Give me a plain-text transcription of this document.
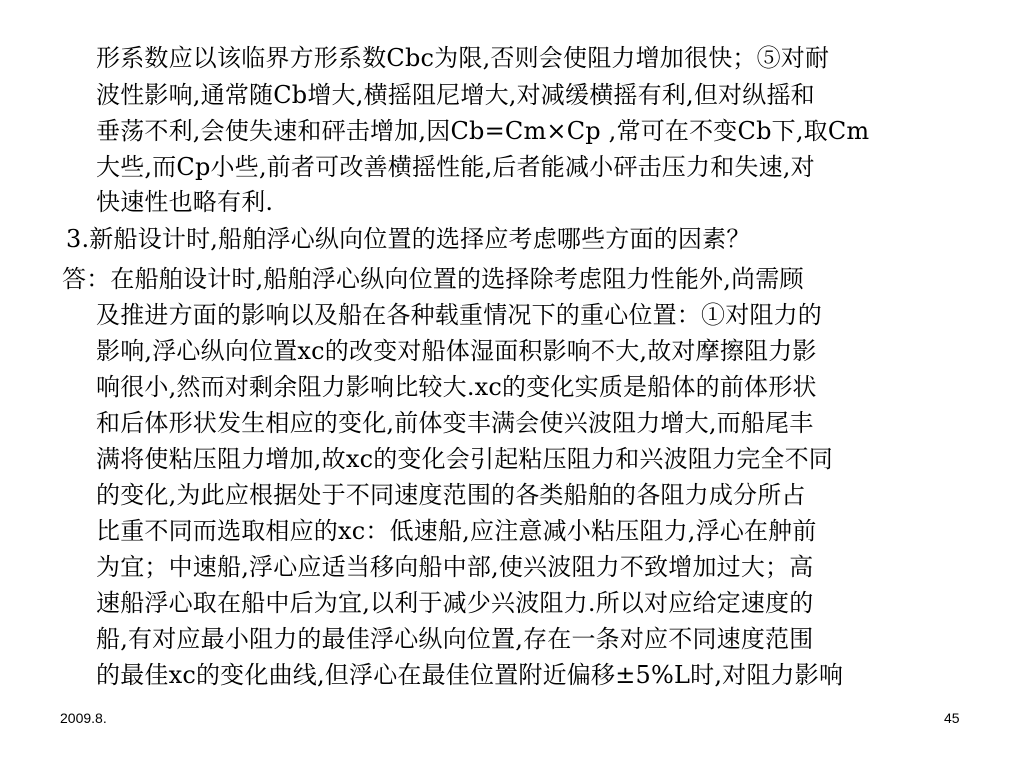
形系数应以该临界方形系数Cbc为限,否则会使阻力增加很快；⑤对耐
波性影响,通常随Cb增大,横摇阻尼增大,对减缓横摇有利,但对纵摇和
垂荡不利,会使失速和砰击增加,因Cb=Cm×Cp ,常可在不变Cb下,取Cm
大些,而Cp小些,前者可改善横摇性能,后者能减小砰击压力和失速,对
快速性也略有利.
3.新船设计时,船舶浮心纵向位置的选择应考虑哪些方面的因素？
答：在船舶设计时,船舶浮心纵向位置的选择除考虑阻力性能外,尚需顾
及推进方面的影响以及船在各种载重情况下的重心位置：①对阻力的
影响,浮心纵向位置xc的改变对船体湿面积影响不大,故对摩擦阻力影
响很小,然而对剩余阻力影响比较大.xc的变化实质是船体的前体形状
和后体形状发生相应的变化,前体变丰满会使兴波阻力增大,而船尾丰
满将使粘压阻力增加,故xc的变化会引起粘压阻力和兴波阻力完全不同
的变化,为此应根据处于不同速度范围的各类船舶的各阻力成分所占
比重不同而选取相应的xc：低速船,应注意减小粘压阻力,浮心在舯前
为宜；中速船,浮心应适当移向船中部,使兴波阻力不致增加过大；高
速船浮心取在船中后为宜,以利于减少兴波阻力.所以对应给定速度的
船,有对应最小阻力的最佳浮心纵向位置,存在一条对应不同速度范围
的最佳xc的变化曲线,但浮心在最佳位置附近偏移±5%L时,对阻力影响
2009.8.	45
